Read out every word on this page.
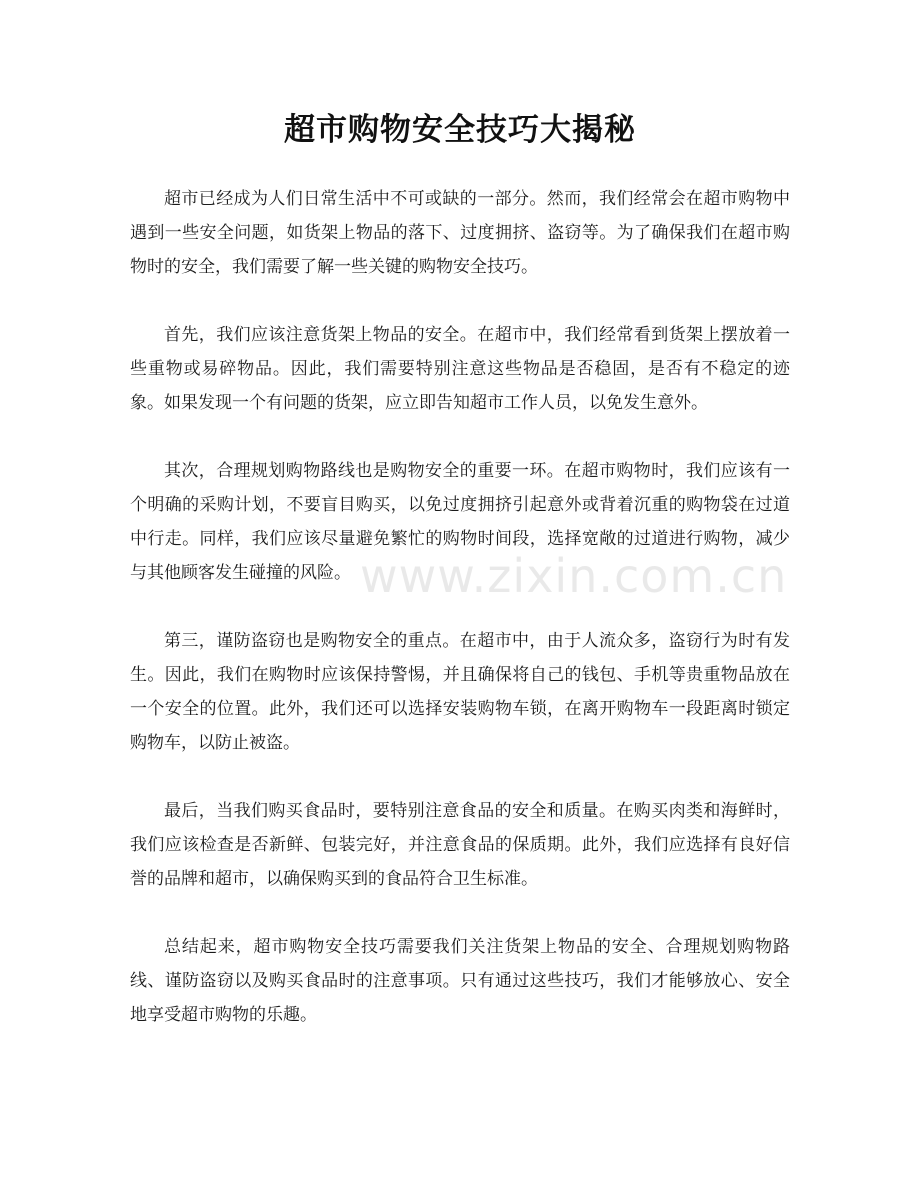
超市购物安全技巧大揭秘

超市已经成为人们日常生活中不可或缺的一部分。然而，我们经常会在超市购物中遇到一些安全问题，如货架上物品的落下、过度拥挤、盗窃等。为了确保我们在超市购物时的安全，我们需要了解一些关键的购物安全技巧。

首先，我们应该注意货架上物品的安全。在超市中，我们经常看到货架上摆放着一些重物或易碎物品。因此，我们需要特别注意这些物品是否稳固，是否有不稳定的迹象。如果发现一个有问题的货架，应立即告知超市工作人员，以免发生意外。

其次，合理规划购物路线也是购物安全的重要一环。在超市购物时，我们应该有一个明确的采购计划，不要盲目购买，以免过度拥挤引起意外或背着沉重的购物袋在过道中行走。同样，我们应该尽量避免繁忙的购物时间段，选择宽敞的过道进行购物，减少与其他顾客发生碰撞的风险。

第三，谨防盗窃也是购物安全的重点。在超市中，由于人流众多，盗窃行为时有发生。因此，我们在购物时应该保持警惕，并且确保将自己的钱包、手机等贵重物品放在一个安全的位置。此外，我们还可以选择安装购物车锁，在离开购物车一段距离时锁定购物车，以防止被盗。

最后，当我们购买食品时，要特别注意食品的安全和质量。在购买肉类和海鲜时，我们应该检查是否新鲜、包装完好，并注意食品的保质期。此外，我们应选择有良好信誉的品牌和超市，以确保购买到的食品符合卫生标准。

总结起来，超市购物安全技巧需要我们关注货架上物品的安全、合理规划购物路线、谨防盗窃以及购买食品时的注意事项。只有通过这些技巧，我们才能够放心、安全地享受超市购物的乐趣。

www.zixin.com.cn
